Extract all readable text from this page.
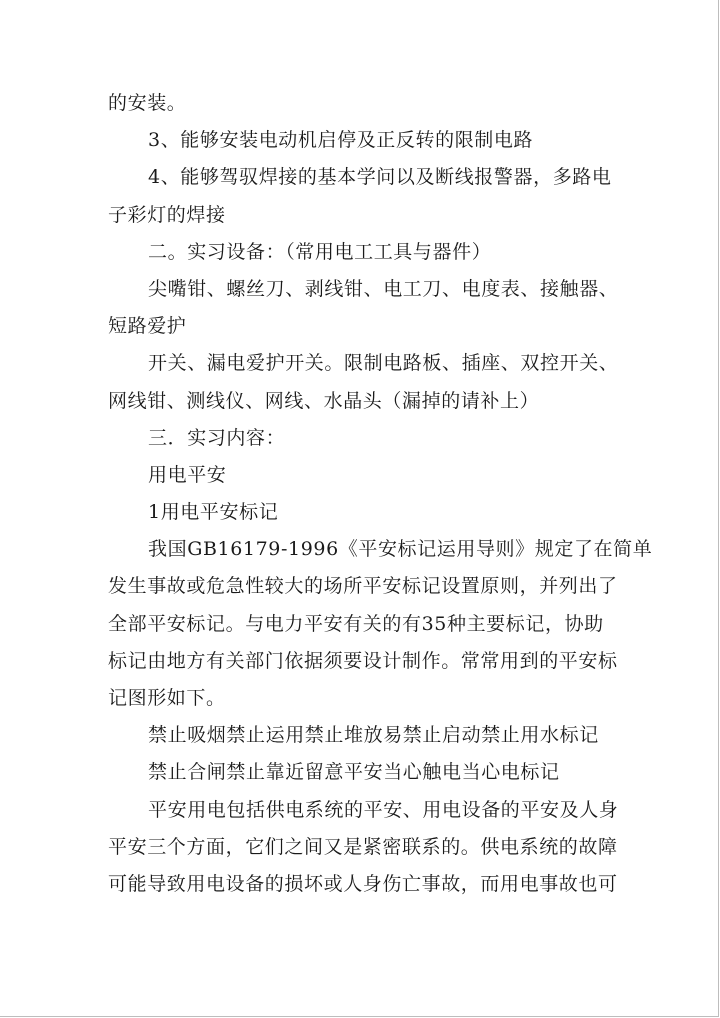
的安装。
3、能够安装电动机启停及正反转的限制电路
4、能够驾驭焊接的基本学问以及断线报警器，多路电
子彩灯的焊接
二。实习设备：（常用电工工具与器件）
尖嘴钳、螺丝刀、剥线钳、电工刀、电度表、接触器、
短路爱护
开关、漏电爱护开关。限制电路板、插座、双控开关、
网线钳、测线仪、网线、水晶头（漏掉的请补上）
三．实习内容：
用电平安
1用电平安标记
我国GB16179-1996《平安标记运用导则》规定了在简单
发生事故或危急性较大的场所平安标记设置原则，并列出了
全部平安标记。与电力平安有关的有35种主要标记，协助
标记由地方有关部门依据须要设计制作。常常用到的平安标
记图形如下。
禁止吸烟禁止运用禁止堆放易禁止启动禁止用水标记
禁止合闸禁止靠近留意平安当心触电当心电标记
平安用电包括供电系统的平安、用电设备的平安及人身
平安三个方面，它们之间又是紧密联系的。供电系统的故障
可能导致用电设备的损坏或人身伤亡事故，而用电事故也可
